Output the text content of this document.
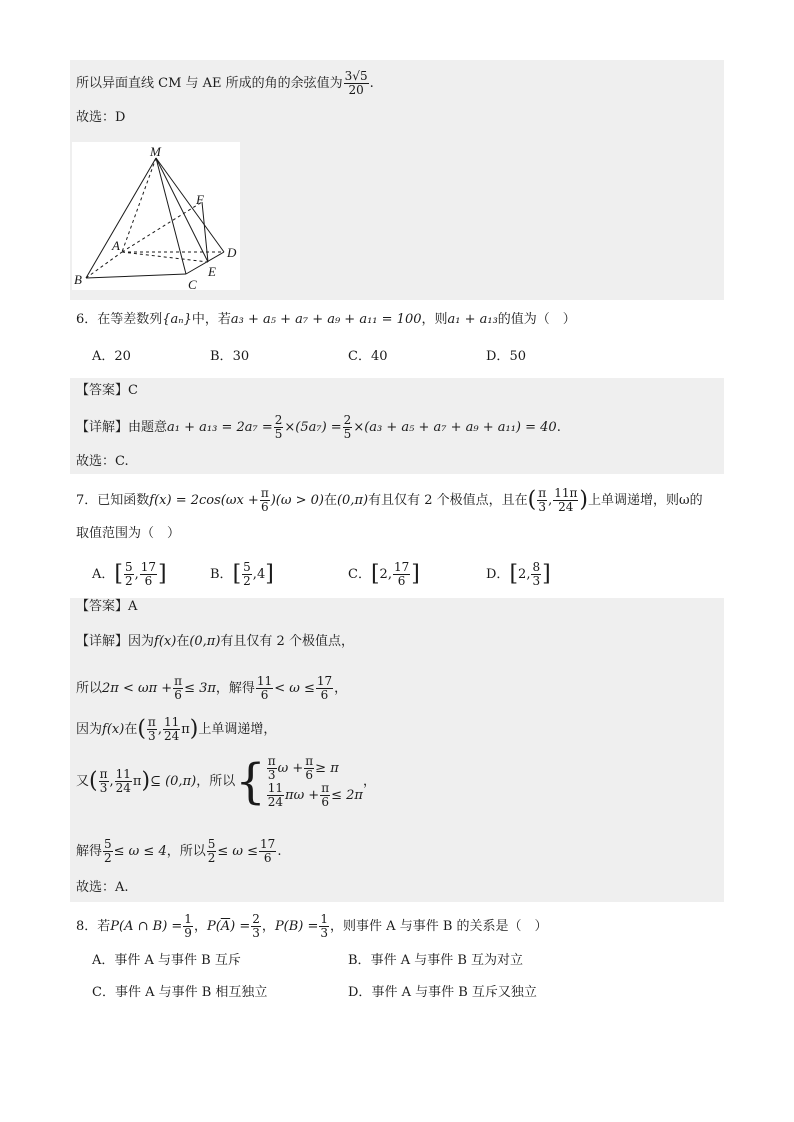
所以异面直线 CM 与 AE 所成的角的余弦值为 $\frac{3√5}{20}$ .
故选：D
M
F
A	D
B
E
C
6．在等差数列{aₙ}中，若a₃ + a₅ + a₇ + a₉ + a₁₁ = 100，则a₁ + a₁₃的值为（　）
A．20	B．30	C．40	D．50
【答案】C
【详解】由题意$a_1 + a_{13} = 2a_7 = \frac{2}{5} \times(5a_7) = \frac{2}{5} \times(a_3 + a_5 + a_7 + a_9 + a_{11}) = 40$.
故选：C.
7．已知函数$f(x) = 2\cos(\omega x + \frac{\pi}{6} )(\omega > 0)$在(0,π)有且仅有 2 个极值点，且在( $\frac{\pi}{3}$ , $\frac{11\pi}{24}$ )上单调递增，则ω的
取值范围为（　）
A．[ $\frac{5}{2}$ , $\frac{17}{6}$ ]	B．[ $\frac{5}{2} ,4$]	C．[2, $\frac{17}{6}$ ]	D．[2, $\frac{8}{3}$ ]
【答案】A
【详解】因为f(x)在(0,π)有且仅有 2 个极值点，
所以$2\pi < \omega\pi + \frac{\pi}{6} \le 3\pi$，解得 $\frac{11}{6} < \omega \le \frac{17}{6}$ ，
因为f(x)在( $\frac{\pi}{3}$ , $\frac{11}{24} \pi$)上单调递增，
又( $\frac{\pi}{3}$ , $\frac{11}{24}$ π)⊆ (0,π)，所以{ $\frac{\pi}{3}$ $\omega + \frac{\pi}{6} \ge \pi$
$\frac{11}{24}$ $\pi\omega + \frac{\pi}{6} \le 2\pi$
，
解得 $\frac{5}{2} \le \omega \le 4$，所以 $\frac{5}{2} \le \omega \le \frac{17}{6}$ .
故选：A.
8．若P(A ∩ $B) = \frac{1}{9}$ ，$P(\overline{A}) = \frac{2}{3}$ ，$P(B) = \frac{1}{3}$ ，则事件 A 与事件 B 的关系是（　）
A．事件 A 与事件 B 互斥	B．事件 A 与事件 B 互为对立
C．事件 A 与事件 B 相互独立	D．事件 A 与事件 B 互斥又独立
